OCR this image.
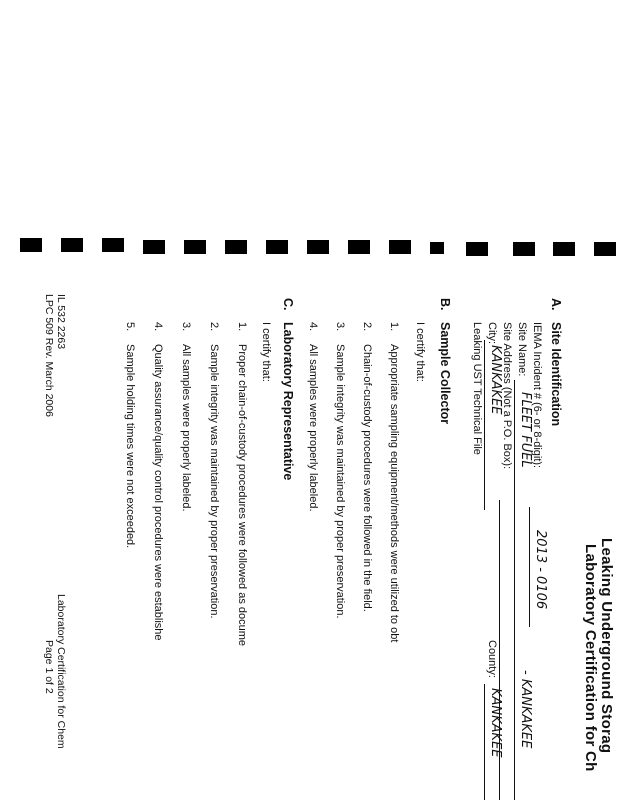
Leaking Underground Storag
Laboratory Certification for Ch
A.
Site Identification
IEMA Incident # (6- or 8-digit):
2013 - 0106
Site Name:
FLEET FUEL
- KANKAKEE
Site Address (Not a P.O. Box):
City:
KANKAKEE
County:
KANKAKEE
Leaking UST Technical File
B.
Sample Collector
I certify that:
1.
Appropriate sampling equipment/methods were utilized to obt
2.
Chain-of-custody procedures were followed in the field.
3.
Sample integrity was maintained by proper preservation.
4.
All samples were properly labeled.
C.
Laboratory Representative
I certify that:
1.
Proper chain-of-custody procedures were followed as docume
2.
Sample integrity was maintained by proper preservation.
3.
All samples were properly labeled.
4.
Quality assurance/quality control procedures were establishe
5.
Sample holding times were not exceeded.
IL 532 2263
LPC 509 Rev. March 2006
Laboratory Certification for Chem
Page 1 of 2
